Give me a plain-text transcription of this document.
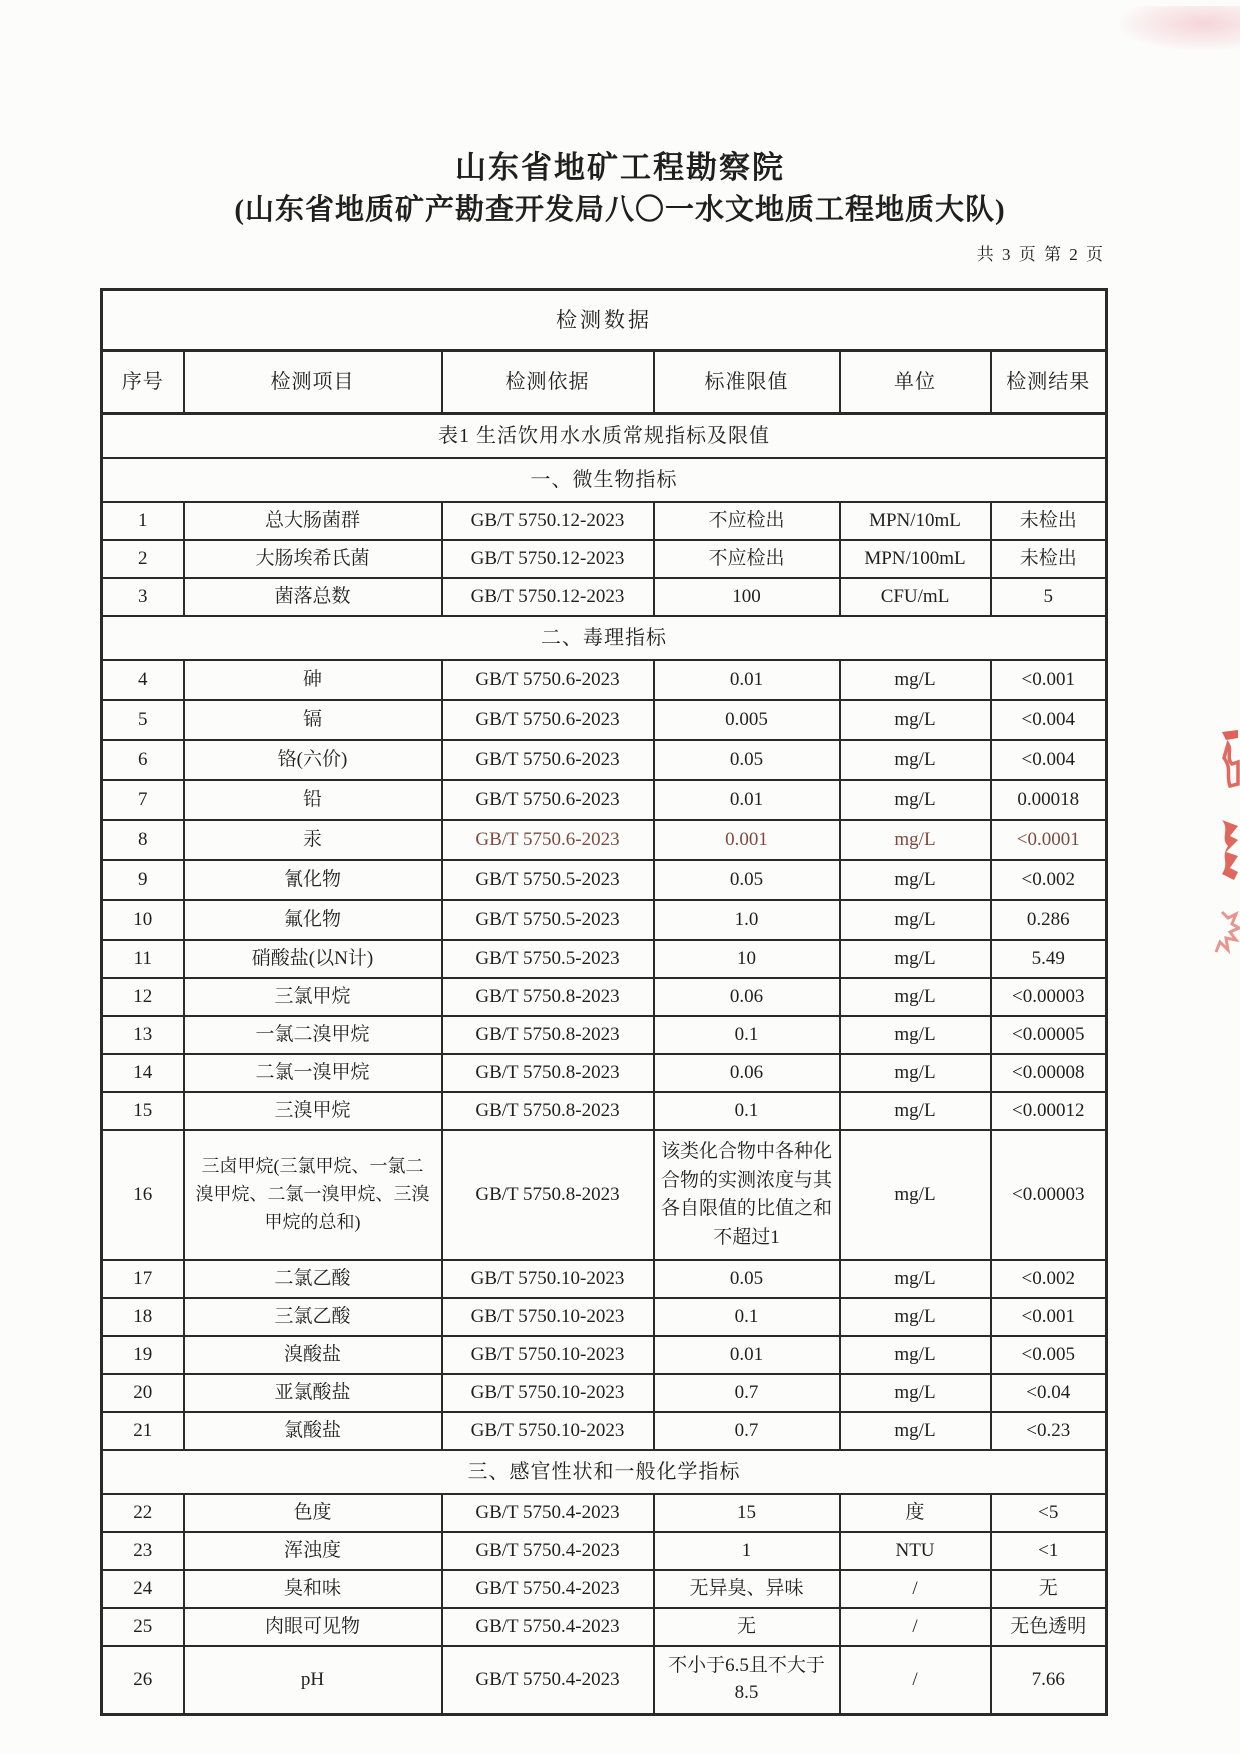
山东省地矿工程勘察院
(山东省地质矿产勘查开发局八〇一水文地质工程地质大队)
共 3 页 第 2 页
检测数据					
序号	检测项目	检测依据	标准限值	单位	检测结果
表1 生活饮用水水质常规指标及限值					
一、微生物指标					
1	总大肠菌群	GB/T 5750.12-2023	不应检出	MPN/10mL	未检出
2	大肠埃希氏菌	GB/T 5750.12-2023	不应检出	MPN/100mL	未检出
3	菌落总数	GB/T 5750.12-2023	100	CFU/mL	5
二、毒理指标					
4	砷	GB/T 5750.6-2023	0.01	mg/L	<0.001
5	镉	GB/T 5750.6-2023	0.005	mg/L	<0.004
6	铬(六价)	GB/T 5750.6-2023	0.05	mg/L	<0.004
7	铅	GB/T 5750.6-2023	0.01	mg/L	0.00018
8	汞	GB/T 5750.6-2023	0.001	mg/L	<0.0001
9	氰化物	GB/T 5750.5-2023	0.05	mg/L	<0.002
10	氟化物	GB/T 5750.5-2023	1.0	mg/L	0.286
11	硝酸盐(以N计)	GB/T 5750.5-2023	10	mg/L	5.49
12	三氯甲烷	GB/T 5750.8-2023	0.06	mg/L	<0.00003
13	一氯二溴甲烷	GB/T 5750.8-2023	0.1	mg/L	<0.00005
14	二氯一溴甲烷	GB/T 5750.8-2023	0.06	mg/L	<0.00008
15	三溴甲烷	GB/T 5750.8-2023	0.1	mg/L	<0.00012
16	三卤甲烷(三氯甲烷、一氯二溴甲烷、二氯一溴甲烷、三溴甲烷的总和)	GB/T 5750.8-2023	该类化合物中各种化合物的实测浓度与其各自限值的比值之和不超过1	mg/L	<0.00003
17	二氯乙酸	GB/T 5750.10-2023	0.05	mg/L	<0.002
18	三氯乙酸	GB/T 5750.10-2023	0.1	mg/L	<0.001
19	溴酸盐	GB/T 5750.10-2023	0.01	mg/L	<0.005
20	亚氯酸盐	GB/T 5750.10-2023	0.7	mg/L	<0.04
21	氯酸盐	GB/T 5750.10-2023	0.7	mg/L	<0.23
三、感官性状和一般化学指标					
22	色度	GB/T 5750.4-2023	15	度	<5
23	浑浊度	GB/T 5750.4-2023	1	NTU	<1
24	臭和味	GB/T 5750.4-2023	无异臭、异味	/	无
25	肉眼可见物	GB/T 5750.4-2023	无	/	无色透明
26	pH	GB/T 5750.4-2023	不小于6.5且不大于8.5	/	7.66
